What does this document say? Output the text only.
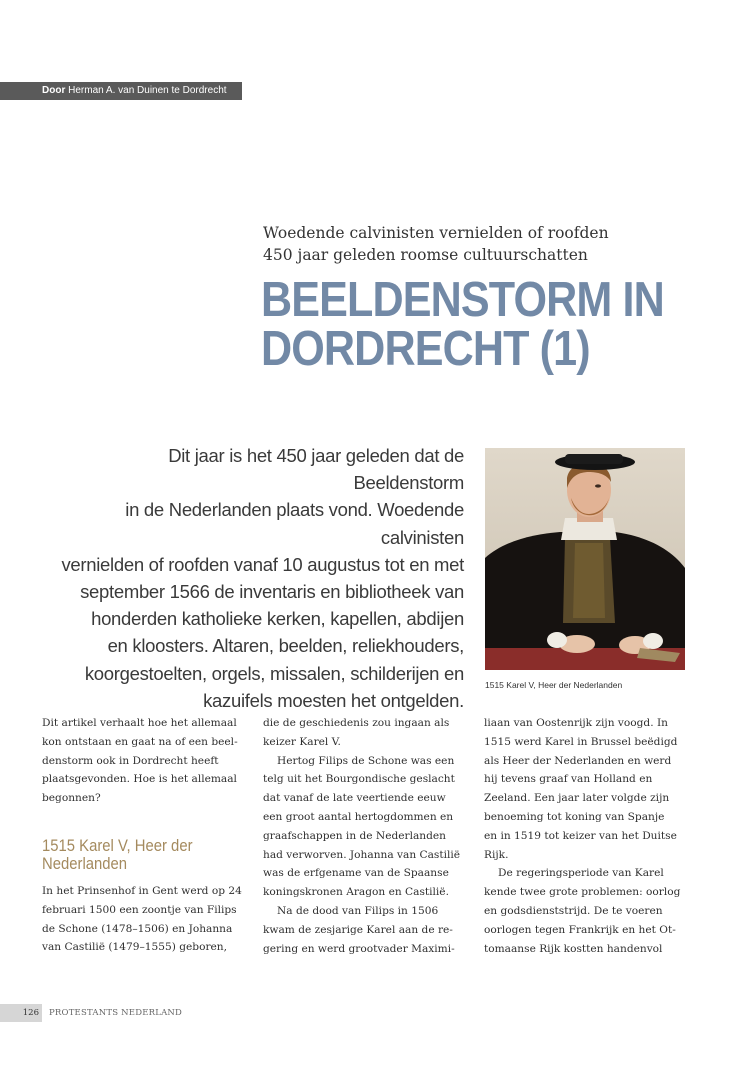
Door Herman A. van Duinen te Dordrecht
Woedende calvinisten vernielden of roofden
450 jaar geleden roomse cultuurschatten
BEELDENSTORM IN
DORDRECHT (1)
Dit jaar is het 450 jaar geleden dat de Beeldenstorm
in de Nederlanden plaats vond. Woedende calvinisten
vernielden of roofden vanaf 10 augustus tot en met
september 1566 de inventaris en bibliotheek van
honderden katholieke kerken, kapellen, abdijen
en kloosters. Altaren, beelden, reliekhouders,
koorgestoelten, orgels, missalen, schilderijen en
kazuifels moesten het ontgelden.
1515 Karel V, Heer der Nederlanden

Dit artikel verhaalt hoe het allemaal
kon ontstaan en gaat na of een beel-
denstorm ook in Dordrecht heeft
plaatsgevonden. Hoe is het allemaal
begonnen?

1515 Karel V, Heer der
Nederlanden

In het Prinsenhof in Gent werd op 24
februari 1500 een zoontje van Filips
de Schone (1478–1506) en Johanna
van Castilië (1479–1555) geboren,

die de geschiedenis zou ingaan als
keizer Karel V.

Hertog Filips de Schone was een
telg uit het Bourgondische geslacht
dat vanaf de late veertiende eeuw
een groot aantal hertogdommen en
graafschappen in de Nederlanden
had verworven. Johanna van Castilië
was de erfgename van de Spaanse
koningskronen Aragon en Castilië.

Na de dood van Filips in 1506
kwam de zesjarige Karel aan de re-
gering en werd grootvader Maximi-

liaan van Oostenrijk zijn voogd. In
1515 werd Karel in Brussel beëdigd
als Heer der Nederlanden en werd
hij tevens graaf van Holland en
Zeeland. Een jaar later volgde zijn
benoeming tot koning van Spanje
en in 1519 tot keizer van het Duitse
Rijk.

De regeringsperiode van Karel
kende twee grote problemen: oorlog
en godsdienststrijd. De te voeren
oorlogen tegen Frankrijk en het Ot-
tomaanse Rijk kostten handenvol

126	PROTESTANTS NEDERLAND
